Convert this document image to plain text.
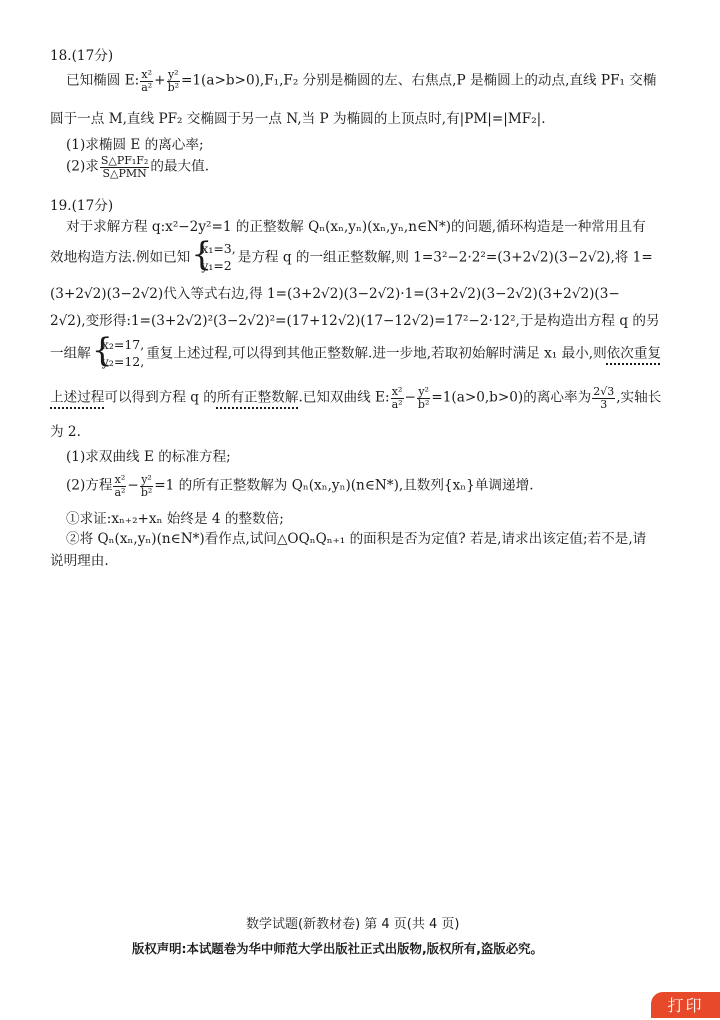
18.(17分)
已知椭圆 E: $\frac{\text{x²}}{\text{a²}} + \frac{\text{y²}}{\text{b²}} =1(a>b>0),F_1,F_2$ 分别是椭圆的左、右焦点,P 是椭圆上的动点,直线 PF₁ 交椭
圆于一点 M,直线 PF₂ 交椭圆于另一点 N,当 P 为椭圆的上顶点时,有|PM|=|MF₂|.
(1)求椭圆 E 的离心率;
(2)求 $\frac{\text{S△PF₁F₂}}{\text{S△PMN}}$ 的最大值.
19.(17分)
对于求解方程 q:x²−2y²=1 的正整数解 Qₙ(xₙ,yₙ)(xₙ,yₙ,n∈N*)的问题,循环构造是一种常用且有
效地构造方法.例如已知
{ x₁=3,
y₁=2 是方程 q 的一组正整数解,则 1=3²−2·2²=(3+2√2)(3−2√2),将 1=
(3+2√2)(3−2√2)代入等式右边,得 1=(3+2√2)(3−2√2)·1=(3+2√2)(3−2√2)(3+2√2)(3−
2√2),变形得:1=(3+2√2)²(3−2√2)²=(17+12√2)(17−12√2)=17²−2·12²,于是构造出方程 q 的另
一组解
{ x₂=17,
y₂=12, 重复上述过程,可以得到其他正整数解.进一步地,若取初始解时满足 x₁ 最小,则依次重复
上述过程可以得到方程 q 的所有正整数解.已知双曲线 E: $\frac{\text{x²}}{\text{a²}} - \frac{\text{y²}}{\text{b²}} =1(a>0,b>0)$的离心率为 $\frac{2√3}{3}$ ,实轴长
为 2.
(1)求双曲线 E 的标准方程;
(2)方程 $\frac{\text{x²}}{\text{a²}} - \frac{\text{y²}}{\text{b²}} =1$ 的所有正整数解为 Qₙ(xₙ,yₙ)(n∈N*),且数列{xₙ}单调递增.
①求证:xₙ₊₂+xₙ 始终是 4 的整数倍;
②将 Qₙ(xₙ,yₙ)(n∈N*)看作点,试问△OQₙQₙ₊₁ 的面积是否为定值? 若是,请求出该定值;若不是,请
说明理由.
数学试题(新教材卷) 第 4 页(共 4 页)
版权声明:本试题卷为华中师范大学出版社正式出版物,版权所有,盗版必究。
打印
